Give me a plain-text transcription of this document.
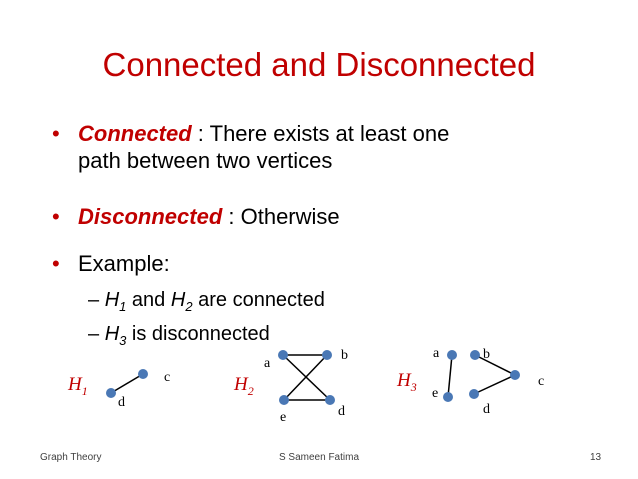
Connected and Disconnected
• Connected : There exists at least one
path between two vertices
• Disconnected : Otherwise
• Example:
– $H_1$ and $H_2$ are connected
– $H_3$ is disconnected
$H_1$
d
c	$H_2$
a
b
e	d
$H_3$
a	b
c
e
d
Graph Theory	S Sameen Fatima	13
